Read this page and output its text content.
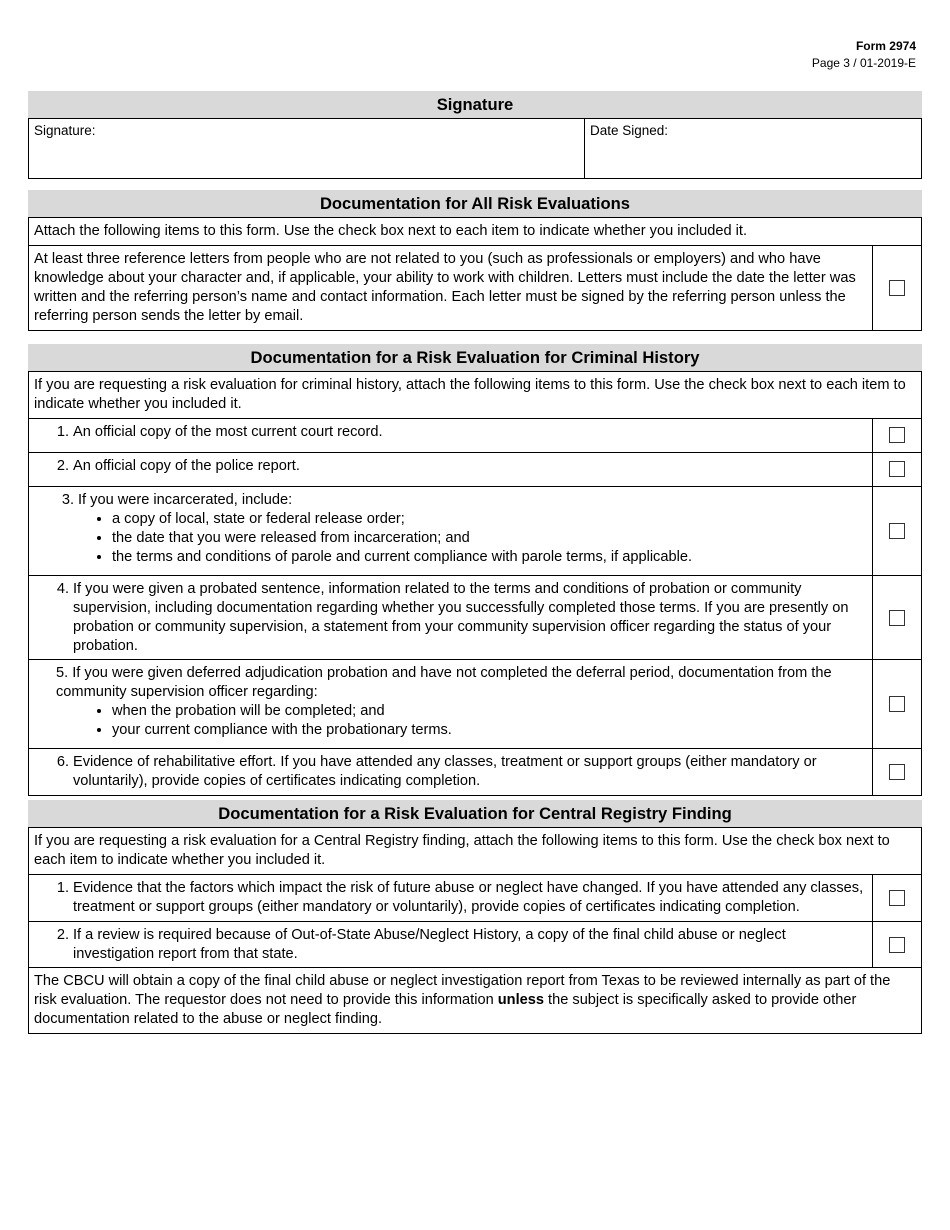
Form 2974
Page 3 / 01-2019-E
Signature
Signature:	Date Signed:
Documentation for All Risk Evaluations
Attach the following items to this form. Use the check box next to each item to indicate whether you included it.
At least three reference letters from people who are not related to you (such as professionals or employers) and who have knowledge about your character and, if applicable, your ability to work with children. Letters must include the date the letter was written and the referring person’s name and contact information. Each letter must be signed by the referring person unless the referring person sends the letter by email.
Documentation for a Risk Evaluation for Criminal History
If you are requesting a risk evaluation for criminal history, attach the following items to this form. Use the check box next to each item to indicate whether you included it.
1. An official copy of the most current court record.
2. An official copy of the police report.
3. If you were incarcerated, include:
• a copy of local, state or federal release order;
• the date that you were released from incarceration; and
• the terms and conditions of parole and current compliance with parole terms, if applicable.
4. If you were given a probated sentence, information related to the terms and conditions of probation or community supervision, including documentation regarding whether you successfully completed those terms. If you are presently on probation or community supervision, a statement from your community supervision officer regarding the status of your probation.
5. If you were given deferred adjudication probation and have not completed the deferral period, documentation from the community supervision officer regarding:
• when the probation will be completed; and
• your current compliance with the probationary terms.
6. Evidence of rehabilitative effort. If you have attended any classes, treatment or support groups (either mandatory or voluntarily), provide copies of certificates indicating completion.
Documentation for a Risk Evaluation for Central Registry Finding
If you are requesting a risk evaluation for a Central Registry finding, attach the following items to this form. Use the check box next to each item to indicate whether you included it.
1. Evidence that the factors which impact the risk of future abuse or neglect have changed. If you have attended any classes, treatment or support groups (either mandatory or voluntarily), provide copies of certificates indicating completion.
2. If a review is required because of Out-of-State Abuse/Neglect History, a copy of the final child abuse or neglect investigation report from that state.
The CBCU will obtain a copy of the final child abuse or neglect investigation report from Texas to be reviewed internally as part of the risk evaluation. The requestor does not need to provide this information unless the subject is specifically asked to provide other documentation related to the abuse or neglect finding.
